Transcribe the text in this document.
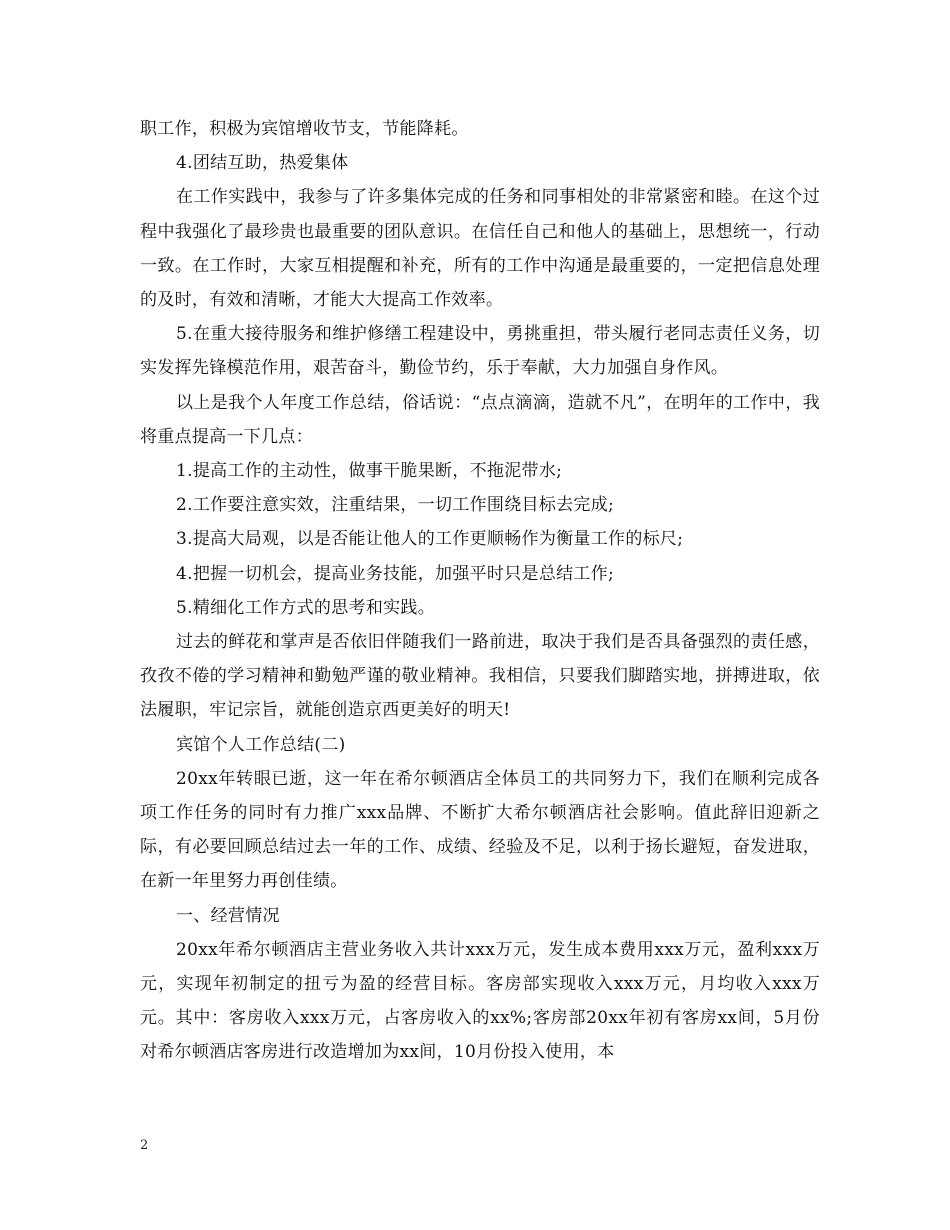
职工作，积极为宾馆增收节支，节能降耗。

4.团结互助，热爱集体

在工作实践中，我参与了许多集体完成的任务和同事相处的非常紧密和睦。在这个过程中我强化了最珍贵也最重要的团队意识。在信任自己和他人的基础上，思想统一，行动一致。在工作时，大家互相提醒和补充，所有的工作中沟通是最重要的，一定把信息处理的及时，有效和清晰，才能大大提高工作效率。

5.在重大接待服务和维护修缮工程建设中，勇挑重担，带头履行老同志责任义务，切实发挥先锋模范作用，艰苦奋斗，勤俭节约，乐于奉献，大力加强自身作风。

以上是我个人年度工作总结，俗话说：“点点滴滴，造就不凡”，在明年的工作中，我将重点提高一下几点：

1.提高工作的主动性，做事干脆果断，不拖泥带水;

2.工作要注意实效，注重结果，一切工作围绕目标去完成;

3.提高大局观，以是否能让他人的工作更顺畅作为衡量工作的标尺;

4.把握一切机会，提高业务技能，加强平时只是总结工作;

5.精细化工作方式的思考和实践。

过去的鲜花和掌声是否依旧伴随我们一路前进，取决于我们是否具备强烈的责任感，孜孜不倦的学习精神和勤勉严谨的敬业精神。我相信，只要我们脚踏实地，拼搏进取，依法履职，牢记宗旨，就能创造京西更美好的明天!

宾馆个人工作总结(二)

20xx年转眼已逝，这一年在希尔顿酒店全体员工的共同努力下，我们在顺利完成各项工作任务的同时有力推广xxx品牌、不断扩大希尔顿酒店社会影响。值此辞旧迎新之际，有必要回顾总结过去一年的工作、成绩、经验及不足，以利于扬长避短，奋发进取，在新一年里努力再创佳绩。

一、经营情况

20xx年希尔顿酒店主营业务收入共计xxx万元，发生成本费用xxx万元，盈利xxx万元，实现年初制定的扭亏为盈的经营目标。客房部实现收入xxx万元，月均收入xxx万元。其中：客房收入xxx万元，占客房收入的xx%;客房部20xx年初有客房xx间，5月份对希尔顿酒店客房进行改造增加为xx间，10月份投入使用，本

2
